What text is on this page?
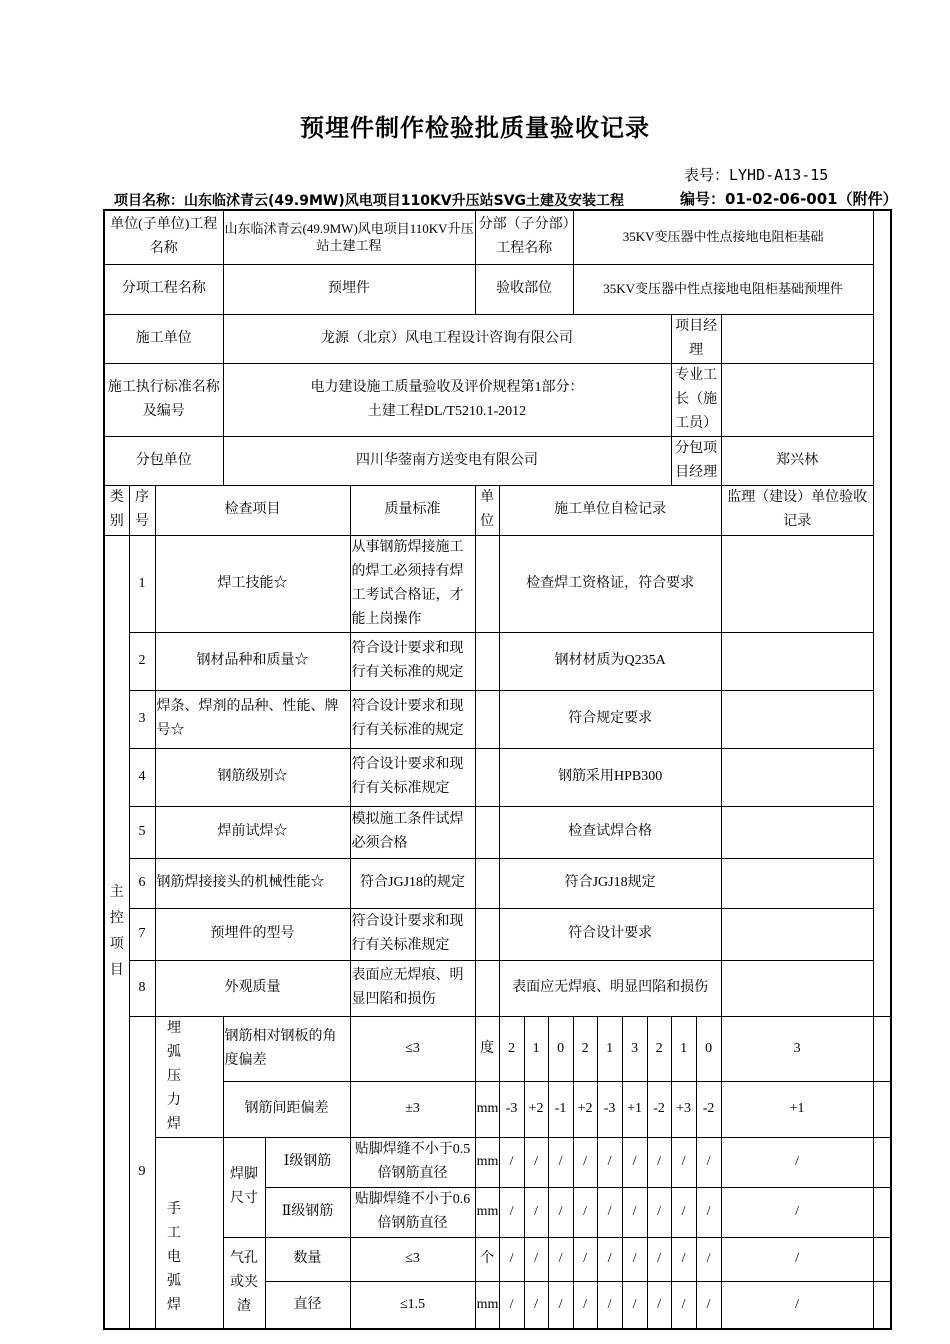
预埋件制作检验批质量验收记录
表号：LYHD-A13-15
项目名称：山东临沭青云(49.9MW)风电项目110KV升压站SVG土建及安装工程	编号：01-02-06-001（附件）
单位(子单位)工程名称			山东临沭青云(49.9MW)风电项目110KV升压站土建工程			分部（子分部）工程名称				35KV变压器中性点接地电阻柜基础							
分项工程名称			预埋件			验收部位				35KV变压器中性点接地电阻柜基础预埋件							
施工单位			龙源（北京）风电工程设计咨询有限公司											项目经理			
施工执行标准名称及编号			电力建设施工质量验收及评价规程第1部分：
土建工程DL/T5210.1-2012											专业工长（施工员）			
分包单位			四川华蓥南方送变电有限公司											分包项目经理		郑兴林	
类别	序号	检查项目			质量标准	单位	施工单位自检记录									监理（建设）单位验收记录	

主控项目	1	焊工技能☆			从事钢筋焊接施工的焊工必须持有焊工考试合格证，才能上岗操作		检查焊工资格证，符合要求										
	2	钢材品种和质量☆			符合设计要求和现行有关标准的规定		钢材材质为Q235A										
	3	焊条、焊剂的品种、性能、牌号☆			符合设计要求和现行有关标准的规定		符合规定要求										
	4	钢筋级别☆			符合设计要求和现行有关标准规定		钢筋采用HPB300										
	5	焊前试焊☆			模拟施工条件试焊必须合格		检查试焊合格										
	6	钢筋焊接接头的机械性能☆			符合JGJ18的规定		符合JGJ18规定										
	7	预埋件的型号			符合设计要求和现行有关标准规定		符合设计要求										
	8	外观质量			表面应无焊痕、明显凹陷和损伤		表面应无焊痕、明显凹陷和损伤										
	9	埋弧压力焊	钢筋相对钢板的角度偏差		≤3	度	2	1	0	2	1	3	2	1	0	3	
			钢筋间距偏差		±3	mm	-3	+2	-1	+2	-3	+1	-2	+3	-2	+1	

		手工电弧焊	焊脚尺寸	Ⅰ级钢筋	贴脚焊缝不小于0.5倍钢筋直径	mm	/	/	/	/	/	/	/	/	/	/	
				Ⅱ级钢筋	贴脚焊缝不小于0.6倍钢筋直径	mm	/	/	/	/	/	/	/	/	/	/	

			气孔或夹渣	数量	≤3	个	/	/	/	/	/	/	/	/	/	/	
				直径	≤1.5	mm	/	/	/	/	/	/	/	/	/	/	
